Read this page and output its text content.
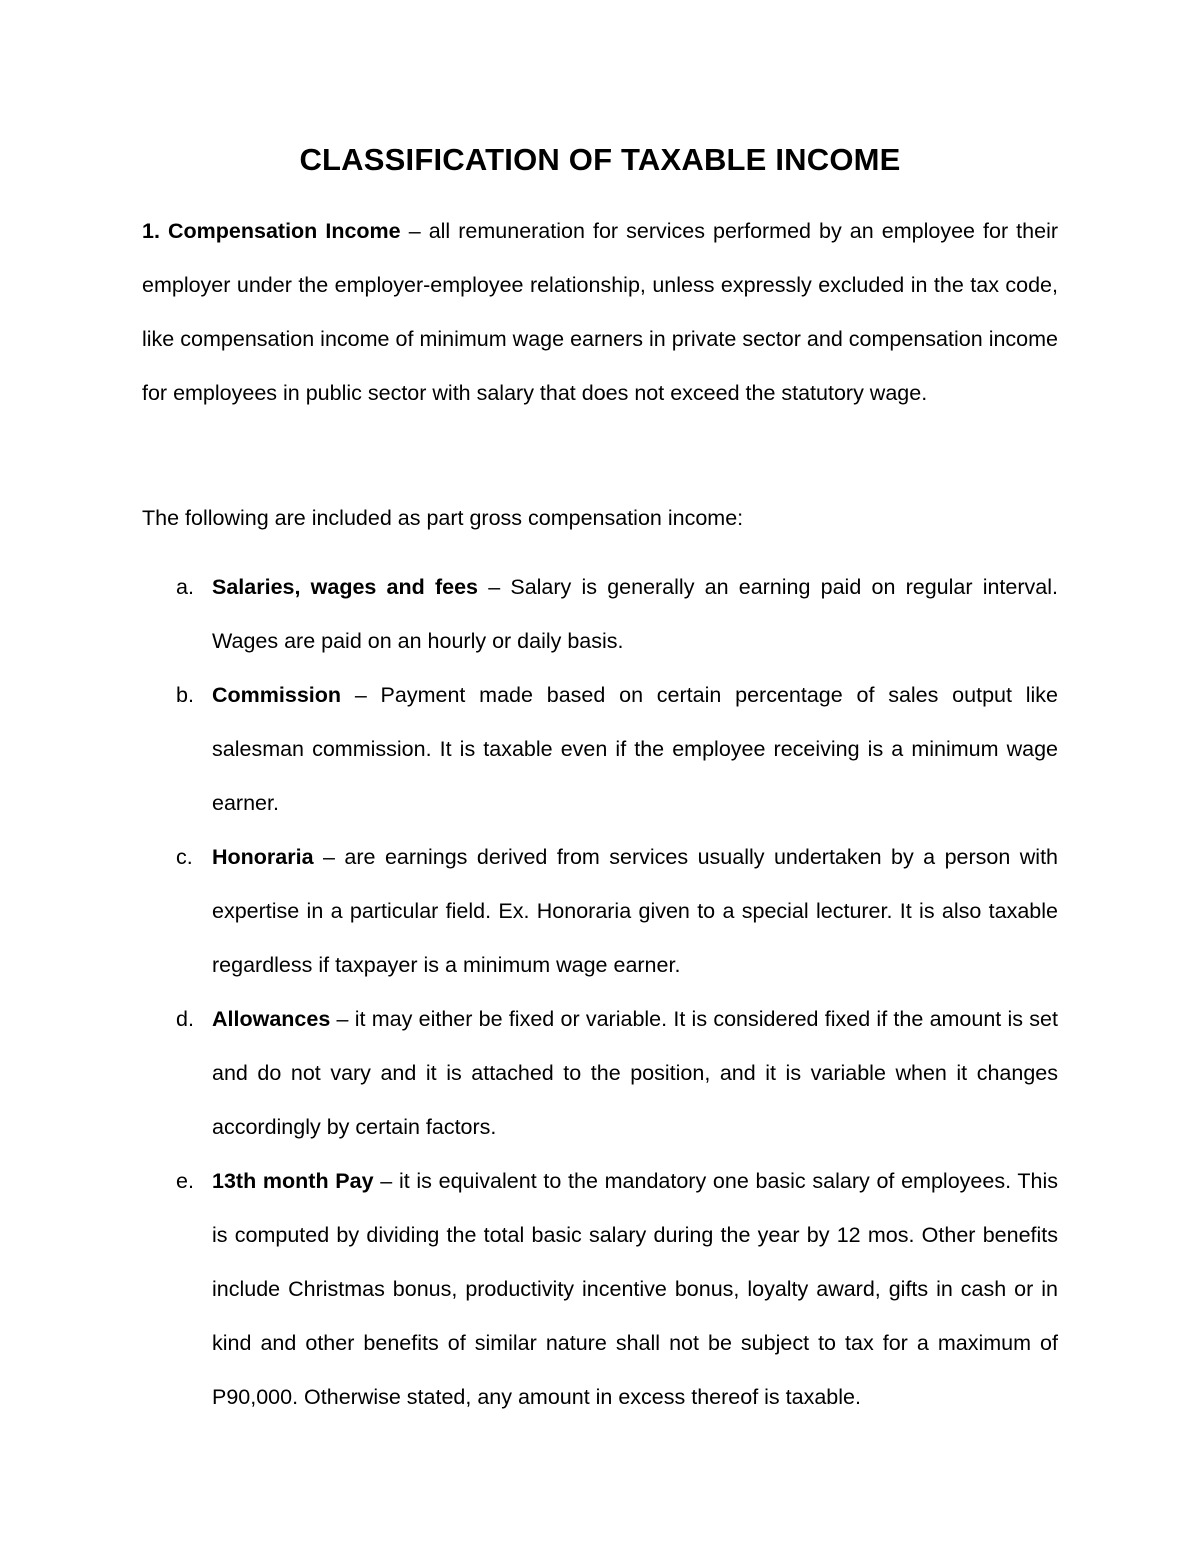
CLASSIFICATION OF TAXABLE INCOME

1. Compensation Income – all remuneration for services performed by an employee for their employer under the employer-employee relationship, unless expressly excluded in the tax code, like compensation income of minimum wage earners in private sector and compensation income for employees in public sector with salary that does not exceed the statutory wage.

The following are included as part gross compensation income:

a. Salaries, wages and fees – Salary is generally an earning paid on regular interval. Wages are paid on an hourly or daily basis.
b. Commission – Payment made based on certain percentage of sales output like salesman commission. It is taxable even if the employee receiving is a minimum wage earner.
c. Honoraria – are earnings derived from services usually undertaken by a person with expertise in a particular field. Ex. Honoraria given to a special lecturer. It is also taxable regardless if taxpayer is a minimum wage earner.
d. Allowances – it may either be fixed or variable. It is considered fixed if the amount is set and do not vary and it is attached to the position, and it is variable when it changes accordingly by certain factors.
e. 13th month Pay – it is equivalent to the mandatory one basic salary of employees. This is computed by dividing the total basic salary during the year by 12 mos. Other benefits include Christmas bonus, productivity incentive bonus, loyalty award, gifts in cash or in kind and other benefits of similar nature shall not be subject to tax for a maximum of P90,000. Otherwise stated, any amount in excess thereof is taxable.
